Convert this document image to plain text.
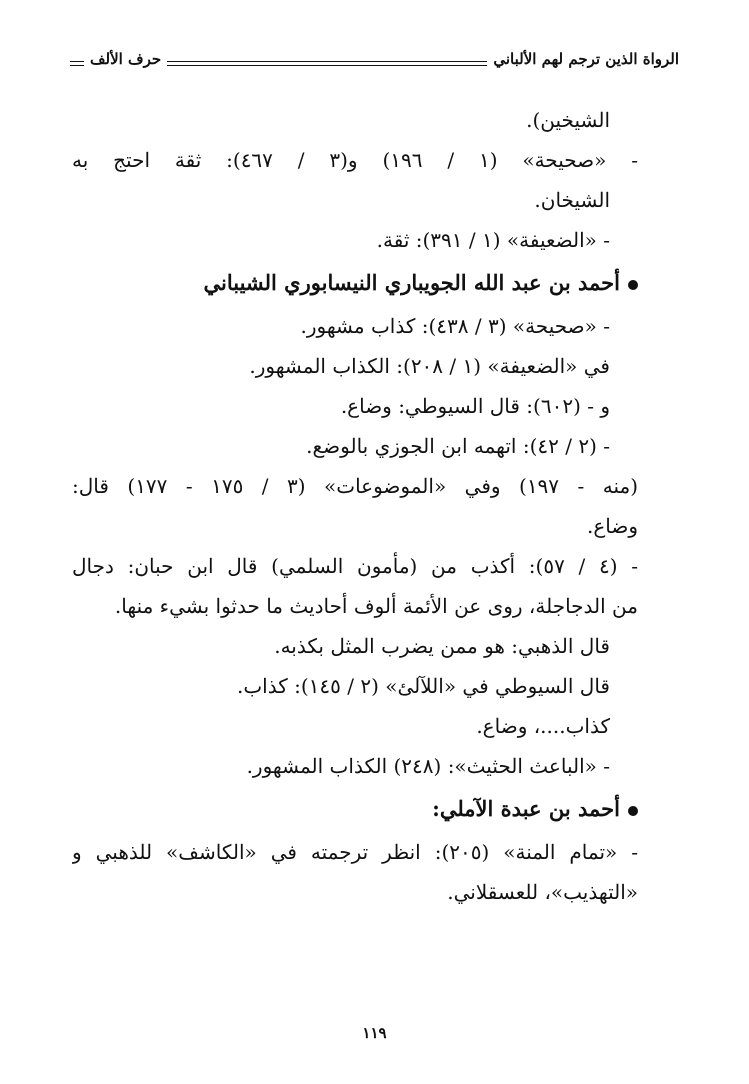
الرواة الذين ترجم لهم الألباني
حرف الألف
الشيخين).
- «صحيحة» (١ / ١٩٦) و(٣ / ٤٦٧): ثقة احتج به
الشيخان.
- «الضعيفة» (١ / ٣٩١): ثقة.
أحمد بن عبد الله الجويباري النيسابوري الشيباني
- «صحيحة» (٣ / ٤٣٨): كذاب مشهور.
في «الضعيفة» (١ / ٢٠٨): الكذاب المشهور.
و - (٦٠٢): قال السيوطي: وضاع.
- (٢ / ٤٢): اتهمه ابن الجوزي بالوضع.
(منه - ١٩٧) وفي «الموضوعات» (٣ / ١٧٥ - ١٧٧) قال:
وضاع.
- (٤ / ٥٧): أكذب من (مأمون السلمي) قال ابن حبان: دجال
من الدجاجلة، روى عن الأئمة ألوف أحاديث ما حدثوا بشيء منها.
قال الذهبي: هو ممن يضرب المثل بكذبه.
قال السيوطي في «اللآلئ» (٢ / ١٤٥): كذاب.
كذاب....، وضاع.
- «الباعث الحثيث»: (٢٤٨) الكذاب المشهور.
أحمد بن عبدة الآملي:
- «تمام المنة» (٢٠٥): انظر ترجمته في «الكاشف» للذهبي و
«التهذيب»، للعسقلاني.
١١٩
